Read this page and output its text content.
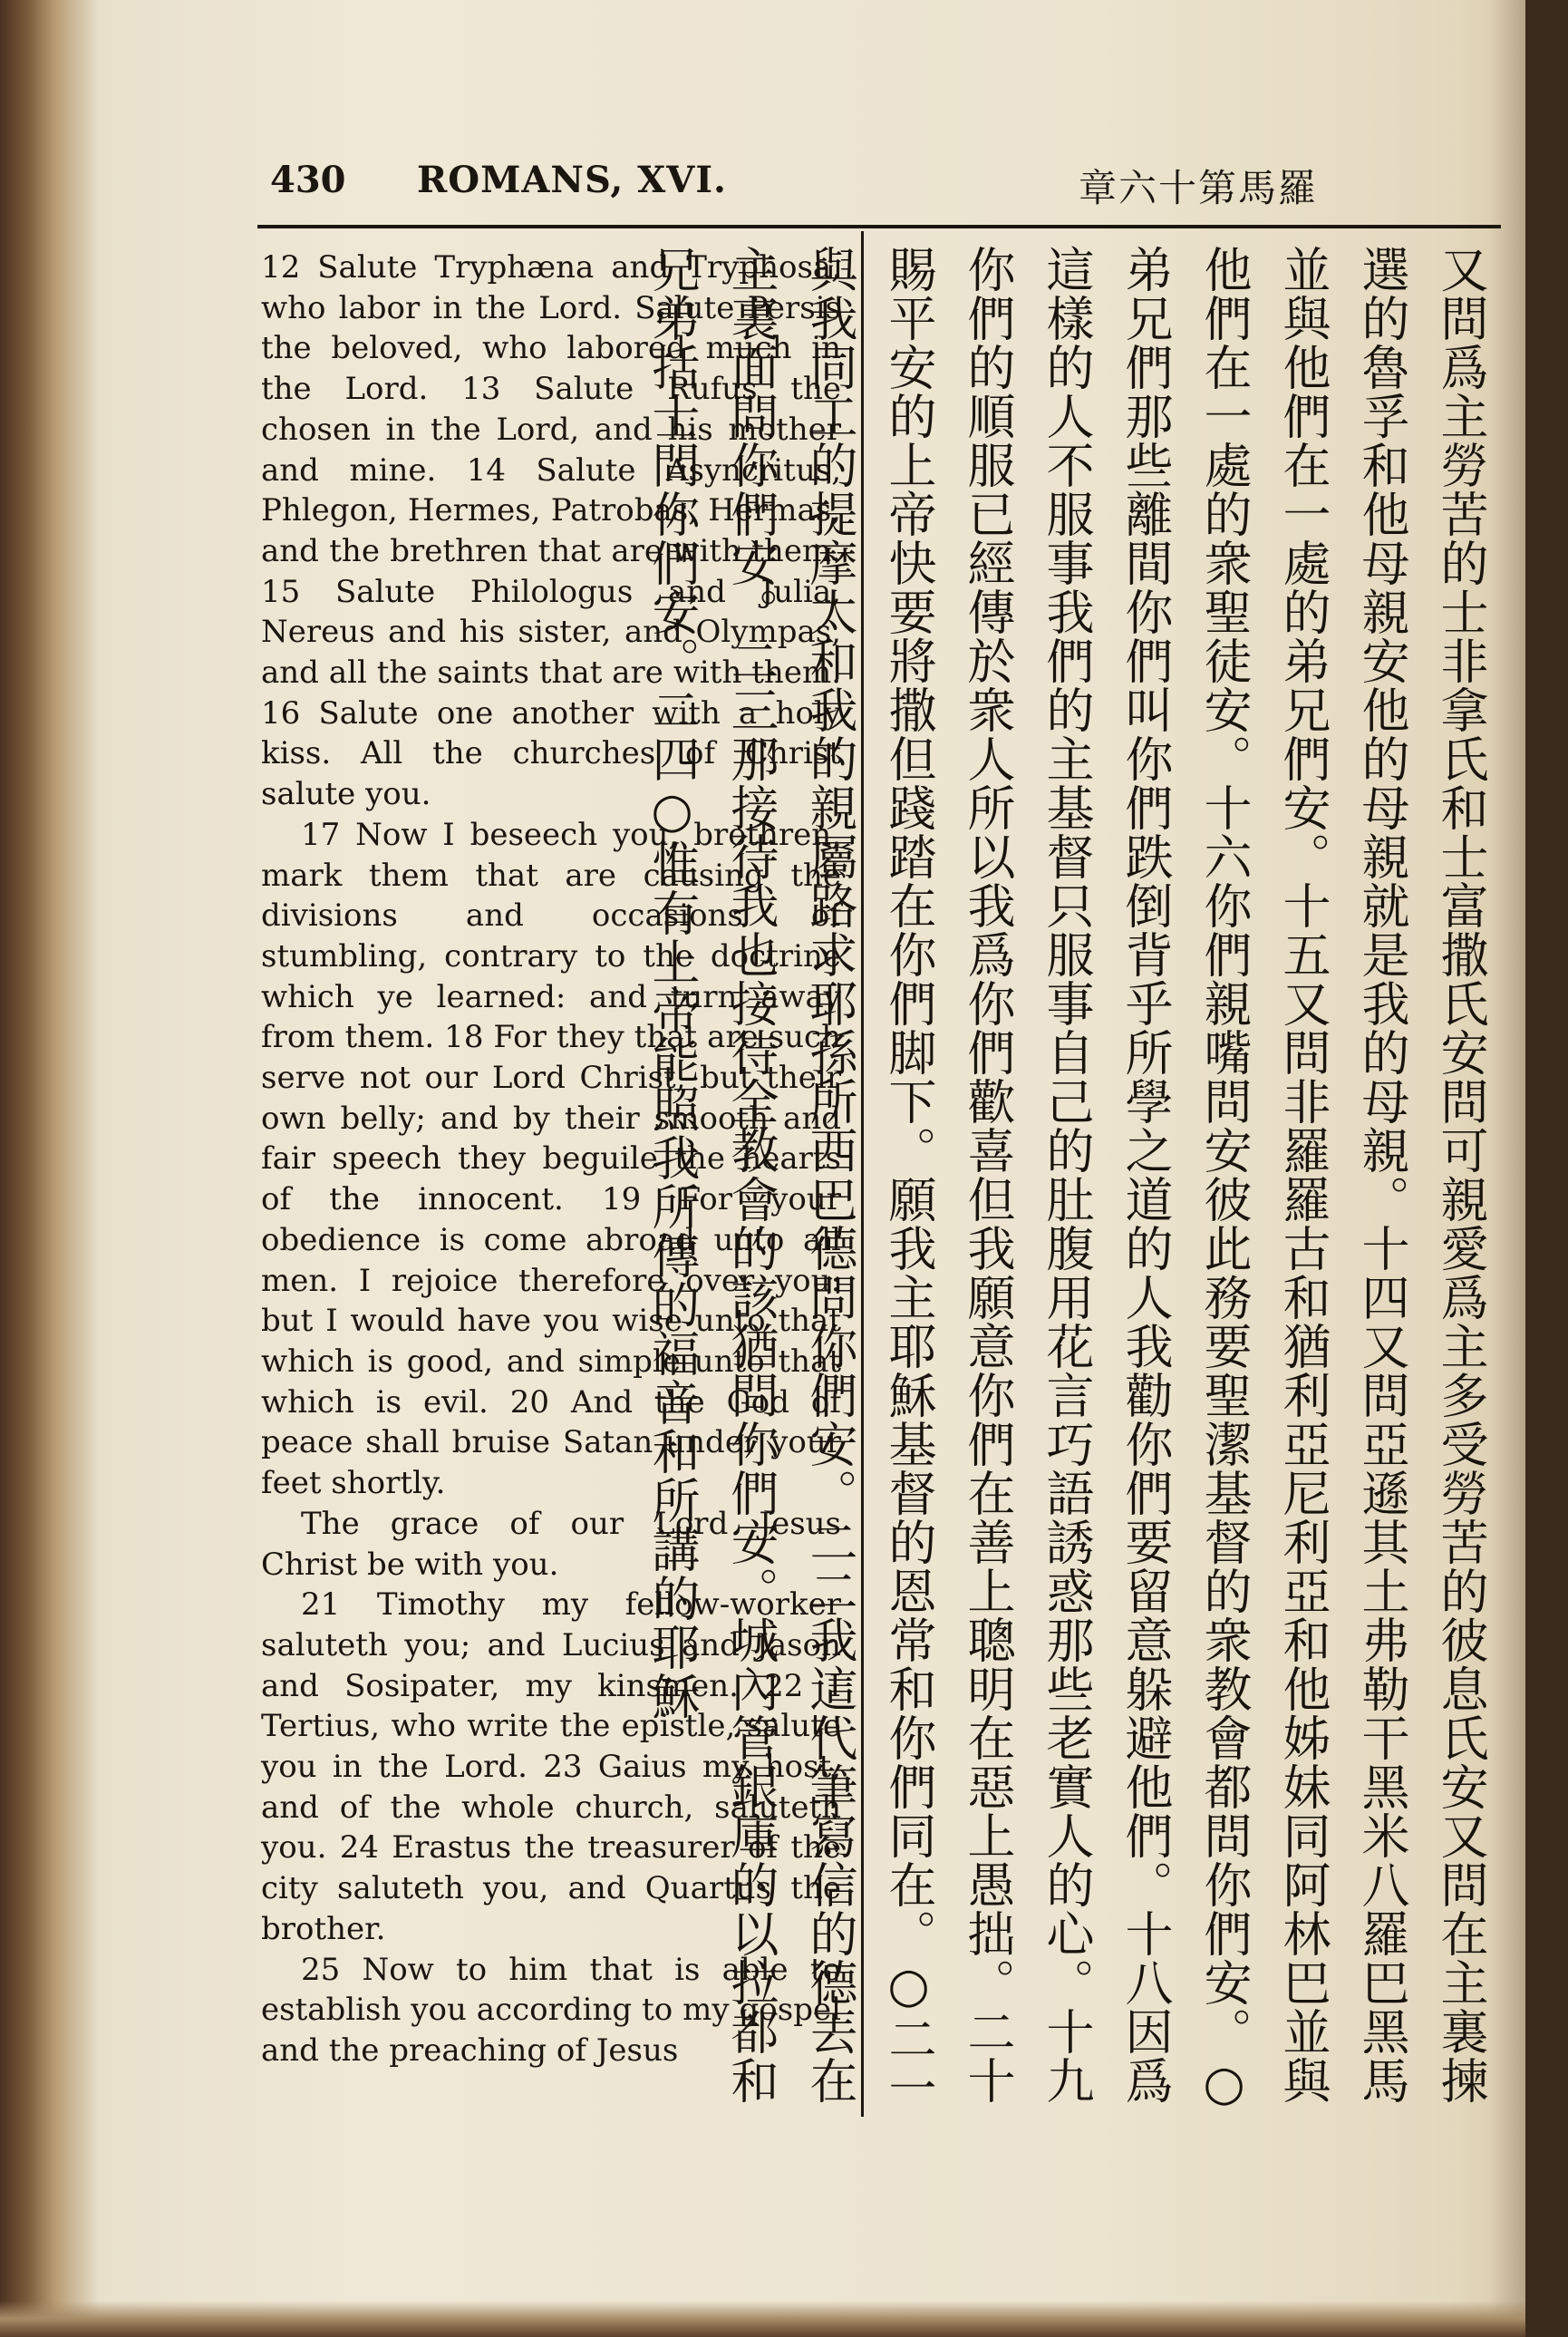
430 ROMANS, XVI.	章六十第馬羅

12 Salute Tryphæna and Tryphosa, who labor in the Lord. Salute Persis the beloved, who labored much in the Lord. 13 Salute Rufus the chosen in the Lord, and his mother and mine. 14 Salute Asyncritus, Phlegon, Hermes, Patrobas, Hermas, and the brethren that are with them. 15 Salute Philologus and Julia, Nereus and his sister, and Olympas, and all the saints that are with them. 16 Salute one another with a holy kiss. All the churches of Christ salute you.

17 Now I beseech you, brethren, mark them that are causing the divisions and occasions of stumbling, contrary to the doctrine which ye learned: and turn away from them. 18 For they that are such serve not our Lord Christ, but their own belly; and by their smooth and fair speech they beguile the hearts of the innocent. 19 For your obedience is come abroad unto all men. I rejoice therefore over you: but I would have you wise unto that which is good, and simple unto that which is evil. 20 And the God of peace shall bruise Satan under your feet shortly.

The grace of our Lord Jesus Christ be with you.

21 Timothy my fellow-worker saluteth you; and Lucius and Jason and Sosipater, my kinsmen. 22 I Tertius, who write the epistle, salute you in the Lord. 23 Gaius my host, and of the whole church, saluteth you. 24 Erastus the treasurer of the city saluteth you, and Quartus the brother.

25 Now to him that is able to establish you according to my gospel and the preaching of Jesus	又問爲主勞苦的士非拿氏和士富撒氏安問可親愛爲主多受勞苦的彼息氏安又問在主裏揀選的魯孚和他母親安他的母親就是我的母親。十四又問亞遜其土弗勒干黑米八羅巴黑馬並與他們在一處的弟兄們安。十五又問非羅羅古和猶利亞尼利亞和他姊妹同阿林巴並與他們在一處的衆聖徒安。十六你們親嘴問安彼此務要聖潔基督的衆教會都問你們安。○弟兄們那些離間你們叫你們跌倒背乎所學之道的人我勸你們要留意躲避他們。十八因爲這樣的人不服事我們的主基督只服事自己的肚腹用花言巧語誘惑那些老實人的心。十九你們的順服已經傳於衆人所以我爲你們歡喜但我願意你們在善上聰明在惡上愚拙。二十賜平安的上帝快要將撒但踐踏在你們脚下。願我主耶穌基督的恩常和你們同在。○二一與我同工的提摩太和我的親屬路求耶孫所西巴德問你們安。二二我這代筆寫信的德丟在主裏面問你們安。二三那接待我也接待全教會的該猶問你們安。城內管銀庫的以拉都和兄弟括士問你們安。二四○惟有上帝能照我所傳的福音和所講的耶穌
